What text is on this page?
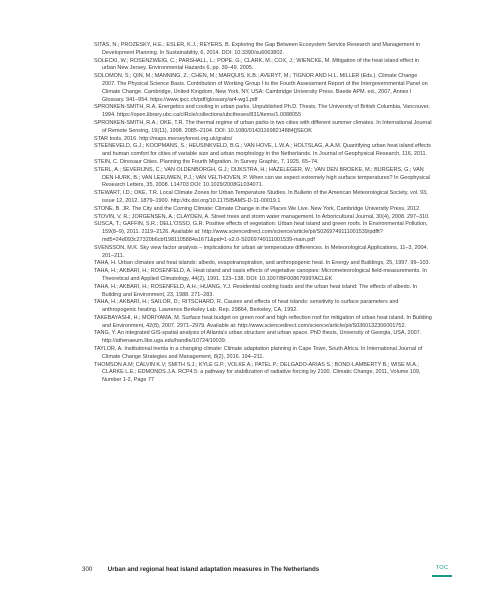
SITAS, N.; PROZESKY, H.E.; ESLER, K.J.; REYERS, B. Exploring the Gap Between Ecosystem Service Research and Management in Development Planning. In Sustainability, 6, 2014. DOI: 10.3390/su6063802.

SOLECKI, W.; ROSENZWEIG, C.; PARSHALL, L.; POPE, G.; CLARK, M.; COX, J.; WIENCKE, M. Mitigation of the heat island effect in urban New Jersey. Environmental Hazards 6, pp. 39–49. 2005.

SOLOMON, S.; QIN, M.; MANNING, Z.; CHEN, M.; MARQUIS, K.B.; AVERYT, M.; TIGNOR AND H.L. MILLER (Eds.). Climate Change 2007. The Physical Science Basis. Contribution of Working Group I to the Fourth Assessment Report of the Intergovernmental Panel on Climate Change. Cambridge, United Kingdom, New York, NY, USA: Cambridge University Press. Baede APM. ed., 2007, Annex I Glossary. 941–954. https://www.ipcc.ch/pdf/glossary/ar4-wg1.pdf

SPRONKEN-SMITH, R.A. Energetics and cooling in urban parks. Unpublished Ph.D. Thesis, The University of British Columbia, Vancouver, 1994. https://open.library.ubc.ca/cIRcle/collections/ubctheses/831/items/1.0088055

SPRONKEN-SMITH, R.A.; OKE, T.R. The thermal regime of urban parks in two cities with different summer climates. In International Journal of Remote Sensing, 19(11), 1998. 2085–2104. DOI: 10.1080/014311698214884[]SEOK

STAR tools, 2016. http://maps.merseyforest.org.uk/grabs/

STEENEVELD, G.J.; KOOPMANS, S.; HEUSINKVELD, B.G.; VAN HOVE, L.W.A.; HOLTSLAG, A.A.M. Quantifying urban heat island effects and human comfort for cities of variable size and urban morphology in the Netherlands. In Journal of Geophysical Research, 116, 2011.

STEIN, C. Dinosaur Cities. Planning the Fourth Migration. In Survey Graphic, 7, 1925. 65–74.

STERL, A.; SEVERIJNS, C.; VAN OLDENBORGH, G.J.; DIJKSTRA, H.; HAZELEGER, W.; VAN DEN BROEKE, M.; BURGERS, G.; VAN DEN HURK, B.; VAN LEEUWEN, P.J.; VAN VELTHOVEN, P. When can we expect extremely high surface temperatures? In Geophysical Research Letters, 35, 2008. L14703 DOI: 10.1029/2008GL034071.

STEWART, I.D.; OKE, T.R. Local Climate Zones for Urban Temperature Studies. In Bulletin of the American Meteorological Society, vol. 93, issue 12, 2012. 1879–1900. http://dx.doi.org/10.1175/BAMS-D-11-00019.1

STONE, B. JR. The City and the Coming Climate: Climate Change in the Places We Live. New York, Cambridge University Press, 2012.

STOVIN, V. R.; JORGENSEN, A.; CLAYDEN, A. Street trees and storm water management. In Arboricultural Journal, 30(4), 2008. 297–310.

SUSCA, T.; GAFFIN, S.R.; DELL'OSSO, G.R. Positive effects of vegetation: Urban heat island and green roofs. In Environmental Pollution, 159(8–9), 2011. 2119–2126. Available at: http://www.sciencedirect.com/science/article/pii/S0269749111001539/pdfft?md5=24d093c27320b6cbf1981105884a1671&pid=1-s2.0-S0269749111001539-main.pdf

SVENSSON, M.K. Sky view factor analysis – implications for urban air temperature differences. In Meteorological Applications, 11–3, 2004. 201–211.

TAHA, H. Urban climates and heat islands: albedo, evapotranspiration, and anthropogenic heat. In Energy and Buildings, 25, 1997. 99–103.

TAHA, H.; AKBARI, H.; ROSENFELD, A. Heat island and oasis effects of vegetative canopies: Micrometeorological field-measurements. In Theoretical and Applied Climatology, 44(2), 1991. 123–138. DOI: 10.1007/BF00867999TACLEK

TAHA, H.; AKBARI, H.; ROSENFELD, A.H.; HUANG, Y.J. Residential cooling loads and the urban heat island: The effects of albedo. In Building and Environment, 23, 1988. 271–283.

TAHA, H.; AKBARI, H.; SAILOR, D.; RITSCHARD, R. Causes and effects of heat islands: sensitivity to surface parameters and anthropogenic heating. Lawrence Berkeley Lab. Rep. 29864, Berkeley, CA, 1992.

TAKEBAYASHI, H.; MORIYAMA, M. Surface heat budget on green roof and high reflection roof for mitigation of urban heat island. In Building and Environment, 42(8), 2007. 2971–2979. Available at: http://www.sciencedirect.com/science/article/pii/S0360132306001752.

TANG, Y. An integrated GIS-spatial analysis of Atlanta's urban structure and urban space. PhD thesis, University of Georgia, USA, 2007. http://athenaeum.libs.uga.edu/handle/10724/10039.

TAYLOR, A. Institutional inertia in a changing climate: Climate adaptation planning in Cape Town, South Africa. In International Journal of Climate Change Strategies and Management, 8(2), 2016. 194–211.

THOMSON A.M; CALVIN K.V; SMITH S.J.; KYLE G.P.; VOLKE A.; PATEL P.; DELGADO-ARIAS S.; BOND-LAMBERTY B.; WISE M.A.; CLARKE L.E.; EDMONDS J.A. RCP4.5: a pathway for stabilization of radiative forcing by 2100. Climatic Change, 2011, Volume 109, Number 1-2, Page 77

300 Urban and regional heat island adaptation measures in The Netherlands	TOC
